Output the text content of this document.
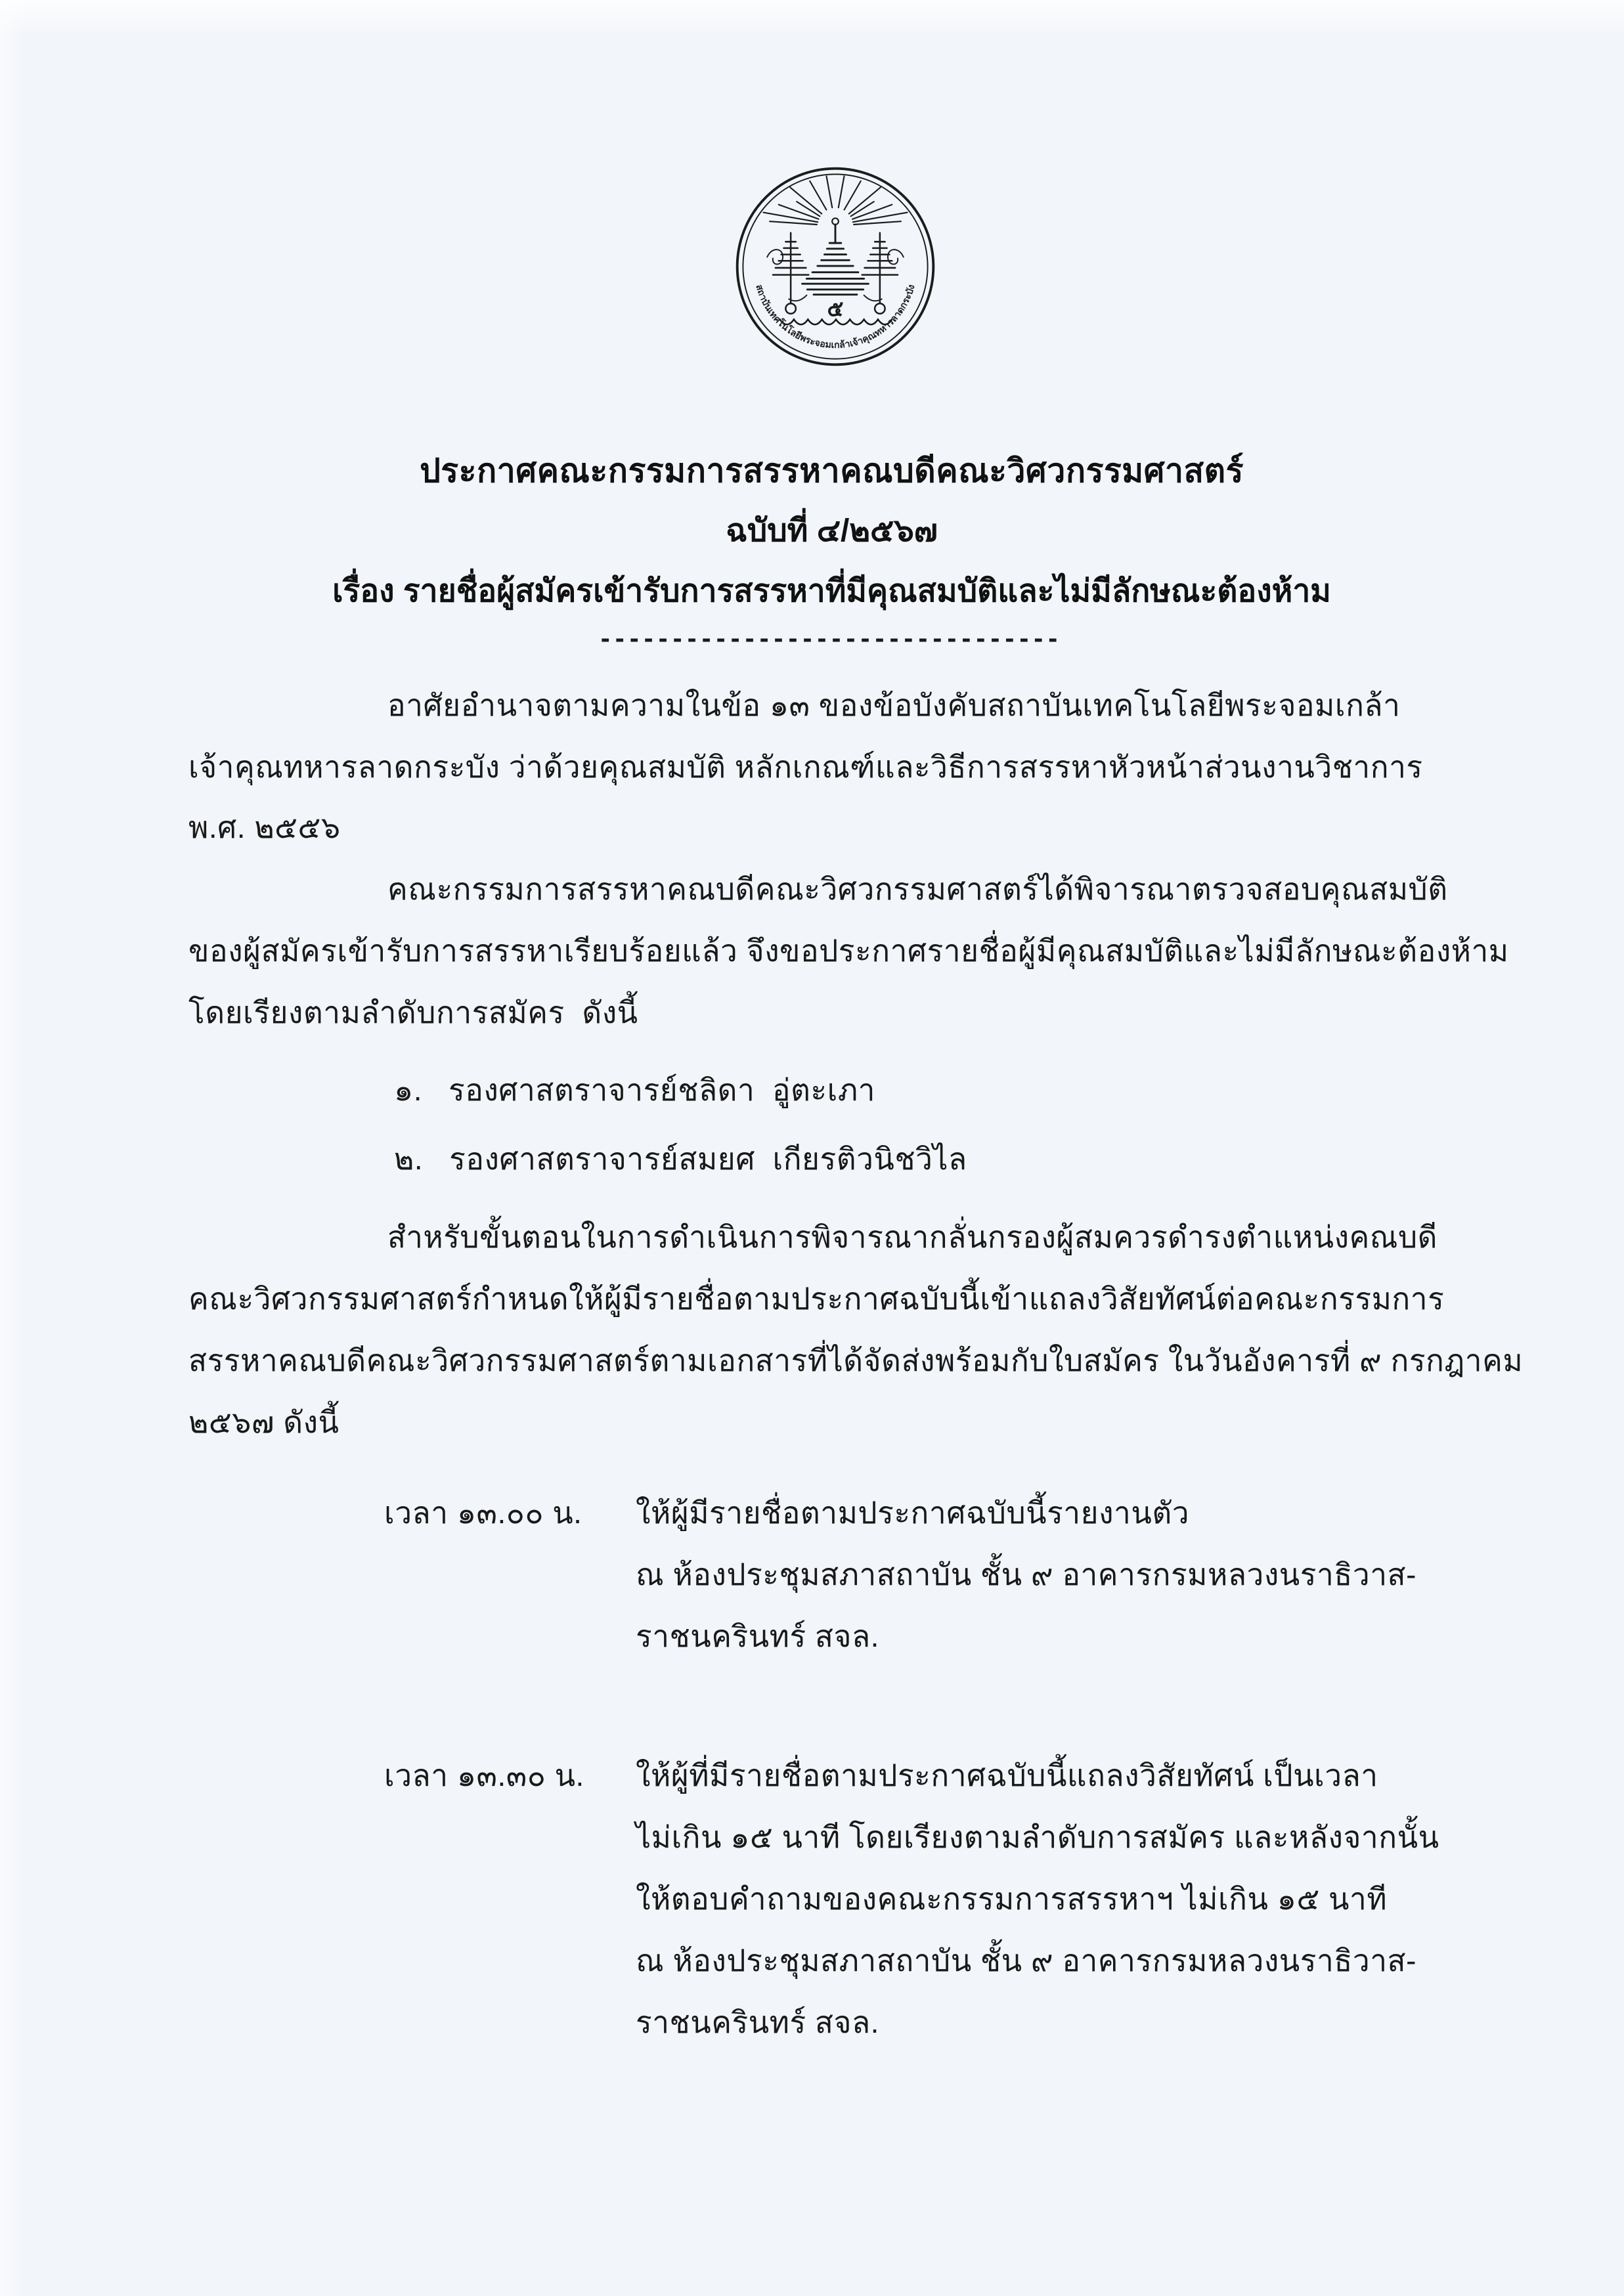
๕
สถาบันเทคโนโลยีพระจอมเกล้าเจ้าคุณทหารลาดกระบัง
ประกาศคณะกรรมการสรรหาคณบดีคณะวิศวกรรมศาสตร์
ฉบับที่ ๔/๒๕๖๗
เรื่อง รายชื่อผู้สมัครเข้ารับการสรรหาที่มีคุณสมบัติและไม่มีลักษณะต้องห้าม
--------------------------------
อาศัยอำนาจตามความในข้อ ๑๓ ของข้อบังคับสถาบันเทคโนโลยีพระจอมเกล้า
เจ้าคุณทหารลาดกระบัง ว่าด้วยคุณสมบัติ หลักเกณฑ์และวิธีการสรรหาหัวหน้าส่วนงานวิชาการ
พ.ศ. ๒๕๕๖
คณะกรรมการสรรหาคณบดีคณะวิศวกรรมศาสตร์ได้พิจารณาตรวจสอบคุณสมบัติ
ของผู้สมัครเข้ารับการสรรหาเรียบร้อยแล้ว จึงขอประกาศรายชื่อผู้มีคุณสมบัติและไม่มีลักษณะต้องห้าม
โดยเรียงตามลำดับการสมัคร  ดังนี้
๑. รองศาสตราจารย์ชลิดา  อู่ตะเภา
๒. รองศาสตราจารย์สมยศ  เกียรติวนิชวิไล
สำหรับขั้นตอนในการดำเนินการพิจารณากลั่นกรองผู้สมควรดำรงตำแหน่งคณบดี
คณะวิศวกรรมศาสตร์กำหนดให้ผู้มีรายชื่อตามประกาศฉบับนี้เข้าแถลงวิสัยทัศน์ต่อคณะกรรมการ
สรรหาคณบดีคณะวิศวกรรมศาสตร์ตามเอกสารที่ได้จัดส่งพร้อมกับใบสมัคร ในวันอังคารที่ ๙ กรกฎาคม
๒๕๖๗ ดังนี้
เวลา ๑๓.๐๐ น. ให้ผู้มีรายชื่อตามประกาศฉบับนี้รายงานตัว
ณ ห้องประชุมสภาสถาบัน ชั้น ๙ อาคารกรมหลวงนราธิวาส-
ราชนครินทร์ สจล.
เวลา ๑๓.๓๐ น. ให้ผู้ที่มีรายชื่อตามประกาศฉบับนี้แถลงวิสัยทัศน์ เป็นเวลา
ไม่เกิน ๑๕ นาที โดยเรียงตามลำดับการสมัคร และหลังจากนั้น
ให้ตอบคำถามของคณะกรรมการสรรหาฯ ไม่เกิน ๑๕ นาที
ณ ห้องประชุมสภาสถาบัน ชั้น ๙ อาคารกรมหลวงนราธิวาส-
ราชนครินทร์ สจล.
